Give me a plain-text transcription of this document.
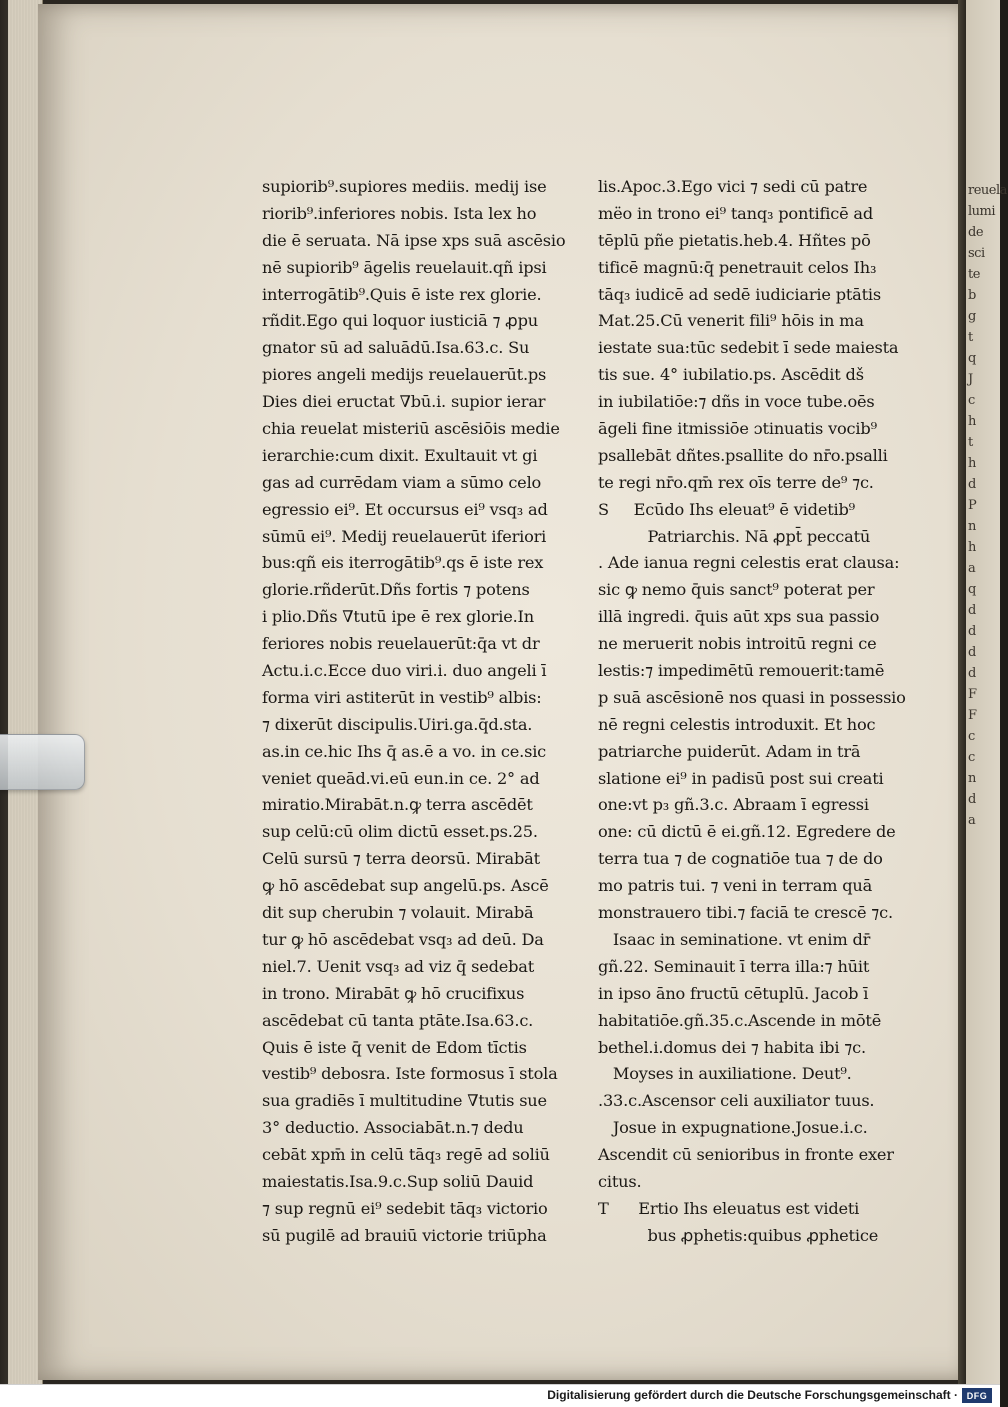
supiorib⁹.supiores mediis. medij ise
riorib⁹.inferiores nobis. Ista lex ho
die ē seruata. Nā ipse xps suā ascēsio
nē supiorib⁹ āgelis reuelauit.qñ ipsi
interrogātib⁹.Quis ē iste rex glorie.
rñdit.Ego qui loquor iusticiā ⁊ ꝓpu
gnator sū ad saluādū.Isa.63.c. Su
piores angeli medijs reuelauerūt.ps
Dies diei eructat ∇bū.i. supior ierar
chia reuelat misteriū ascēsiōis medie
ierarchie:cum dixit. Exultauit vt gi
gas ad currēdam viam a sūmo celo
egressio ei⁹. Et occursus ei⁹ vsq₃ ad
sūmū ei⁹. Medij reuelauerūt iferiori
bus:qñ eis iterrogātib⁹.qs ē iste rex
glorie.rñderūt.Dñs fortis ⁊ potens
i plio.Dñs ∇tutū ipe ē rex glorie.In
feriores nobis reuelauerūt:q̄a vt dr
Actu.i.c.Ecce duo viri.i. duo angeli ī
forma viri astiterūt in vestib⁹ albis:
⁊ dixerūt discipulis.Uiri.ga.q̄d.sta.
as.in ce.hic Ihs q̄ as.ē a vo. in ce.sic
veniet queād.vi.eū eun.in ce. 2° ad
miratio.Mirabāt.n.ꝙ terra ascēdēt
sup celū:cū olim dictū esset.ps.25.
Celū sursū ⁊ terra deorsū. Mirabāt
ꝙ hō ascēdebat sup angelū.ps. Ascē
dit sup cherubin ⁊ volauit. Mirabā
tur ꝙ hō ascēdebat vsq₃ ad deū. Da
niel.7. Uenit vsq₃ ad viz q̄ sedebat
in trono. Mirabāt ꝙ hō crucifixus
ascēdebat cū tanta ptāte.Isa.63.c.
Quis ē iste q̄ venit de Edom tīctis
vestib⁹ debosra. Iste formosus ī stola
sua gradiēs ī multitudine ∇tutis sue
3° deductio. Associabāt.n.⁊ dedu
cebāt xpm̄ in celū tāq₃ regē ad soliū
maiestatis.Isa.9.c.Sup soliū Dauid
⁊ sup regnū ei⁹ sedebit tāq₃ victorio
sū pugilē ad brauiū victorie triūpha
lis.Apoc.3.Ego vici ⁊ sedi cū patre
mëo in trono ei⁹ tanq₃ pontificē ad
tēplū pñe pietatis.heb.4. Hñtes pō
tificē magnū:q̄ penetrauit celos Ih₃
tāq₃ iudicē ad sedē iudiciarie ptātis
Mat.25.Cū venerit fili⁹ hōis in ma
iestate sua:tūc sedebit ī sede maiesta
tis sue. 4° iubilatio.ps. Ascēdit dš
in iubilatiōe:⁊ dñs in voce tube.oēs
āgeli fine itmissiōe ɔtinuatis vocib⁹
psallebāt dñtes.psallite do nr̄o.psalli
te regi nr̄o.qm̄ rex oīs terre de⁹ ⁊c.
S     Ecūdo Ihs eleuat⁹ ē videtib⁹
Patriarchis. Nā ꝓpt̄ peccatū
. Ade ianua regni celestis erat clausa:
sic ꝙ nemo q̄uis sanct⁹ poterat per
illā ingredi. q̄uis aūt xps sua passio
ne meruerit nobis introitū regni ce
lestis:⁊ impedimētū remouerit:tamē
p suā ascēsionē nos quasi in possessio
nē regni celestis introduxit. Et hoc
patriarche puiderūt. Adam in trā
slatione ei⁹ in padisū post sui creati
one:vt p₃ gñ.3.c. Abraam ī egressi
one: cū dictū ē ei.gñ.12. Egredere de
terra tua ⁊ de cognatiōe tua ⁊ de do
mo patris tui. ⁊ veni in terram quā
monstrauero tibi.⁊ faciā te crescē ⁊c.
Isaac in seminatione. vt enim dr̄
gñ.22. Seminauit ī terra illa:⁊ hūit
in ipso āno fructū cētuplū. Jacob ī
habitatiōe.gñ.35.c.Ascende in mōtē
bethel.i.domus dei ⁊ habita ibi ⁊c.
Moyses in auxiliatione. Deut⁹.
.33.c.Ascensor celi auxiliator tuus.
Josue in expugnatione.Josue.i.c.
Ascendit cū senioribus in fronte exer
citus.
T      Ertio Ihs eleuatus est videti
bus ꝓphetis:quibus ꝓphetice
reuela
lumi
de
sci
te
b
g
t
q
J
c
h
t
h
d
P
n
h
a
q
d
d
d
d
F
F
c
c
n
d
a
Digitalisierung gefördert durch die Deutsche Forschungsgemeinschaft · DFG
